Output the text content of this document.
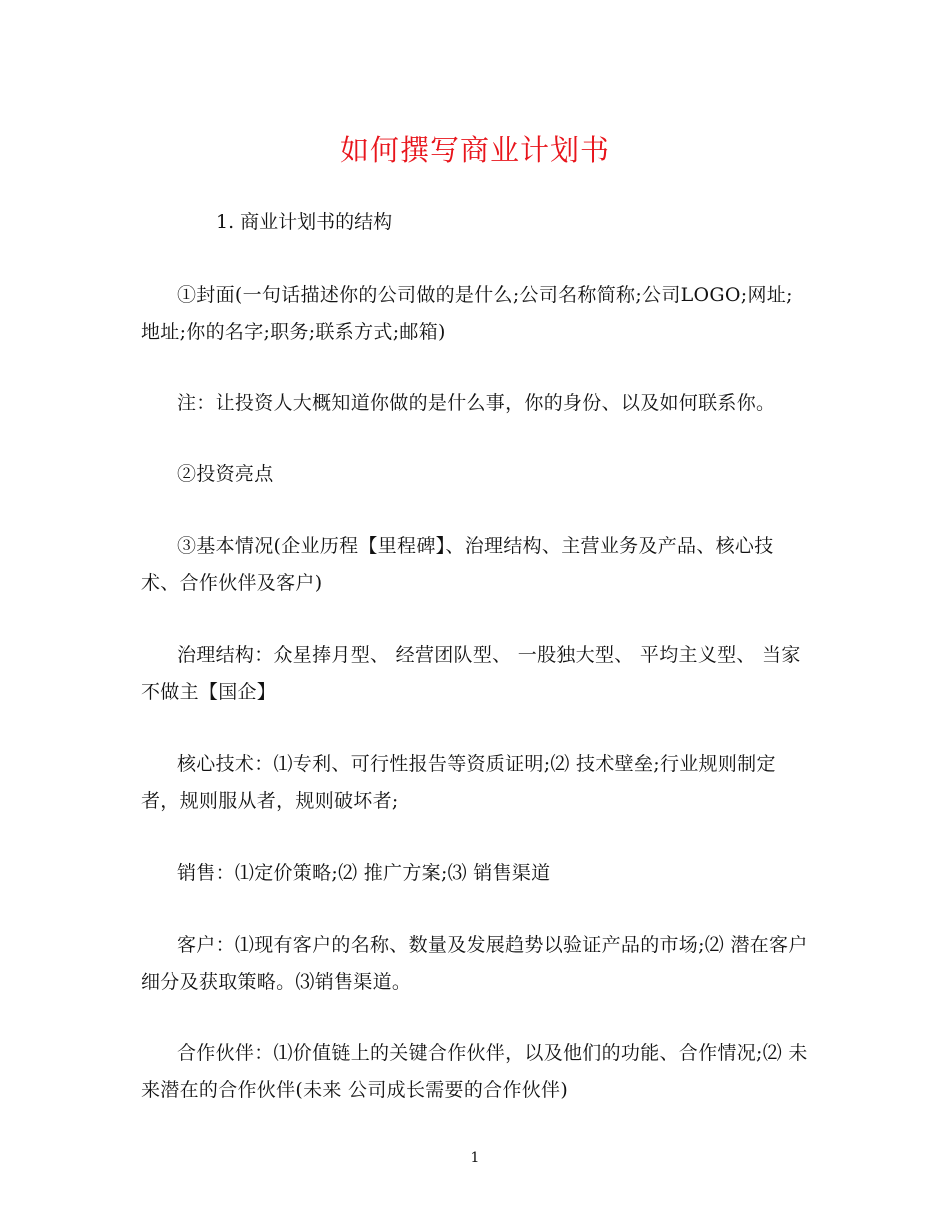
如何撰写商业计划书

1. 商业计划书的结构

①封面(一句话描述你的公司做的是什么;公司名称简称;公司LOGO;网址;地址;你的名字;职务;联系方式;邮箱)

注：让投资人大概知道你做的是什么事，你的身份、以及如何联系你。

②投资亮点

③基本情况(企业历程【里程碑】、治理结构、主营业务及产品、核心技术、合作伙伴及客户)

治理结构：众星捧月型、 经营团队型、 一股独大型、 平均主义型、 当家不做主【国企】

核心技术：⑴专利、可行性报告等资质证明;⑵ 技术壁垒;行业规则制定者，规则服从者，规则破坏者;

销售：⑴定价策略;⑵ 推广方案;⑶ 销售渠道

客户：⑴现有客户的名称、数量及发展趋势以验证产品的市场;⑵ 潜在客户细分及获取策略。⑶销售渠道。

合作伙伴：⑴价值链上的关键合作伙伴，以及他们的功能、合作情况;⑵ 未来潜在的合作伙伴(未来 公司成长需要的合作伙伴)

1
